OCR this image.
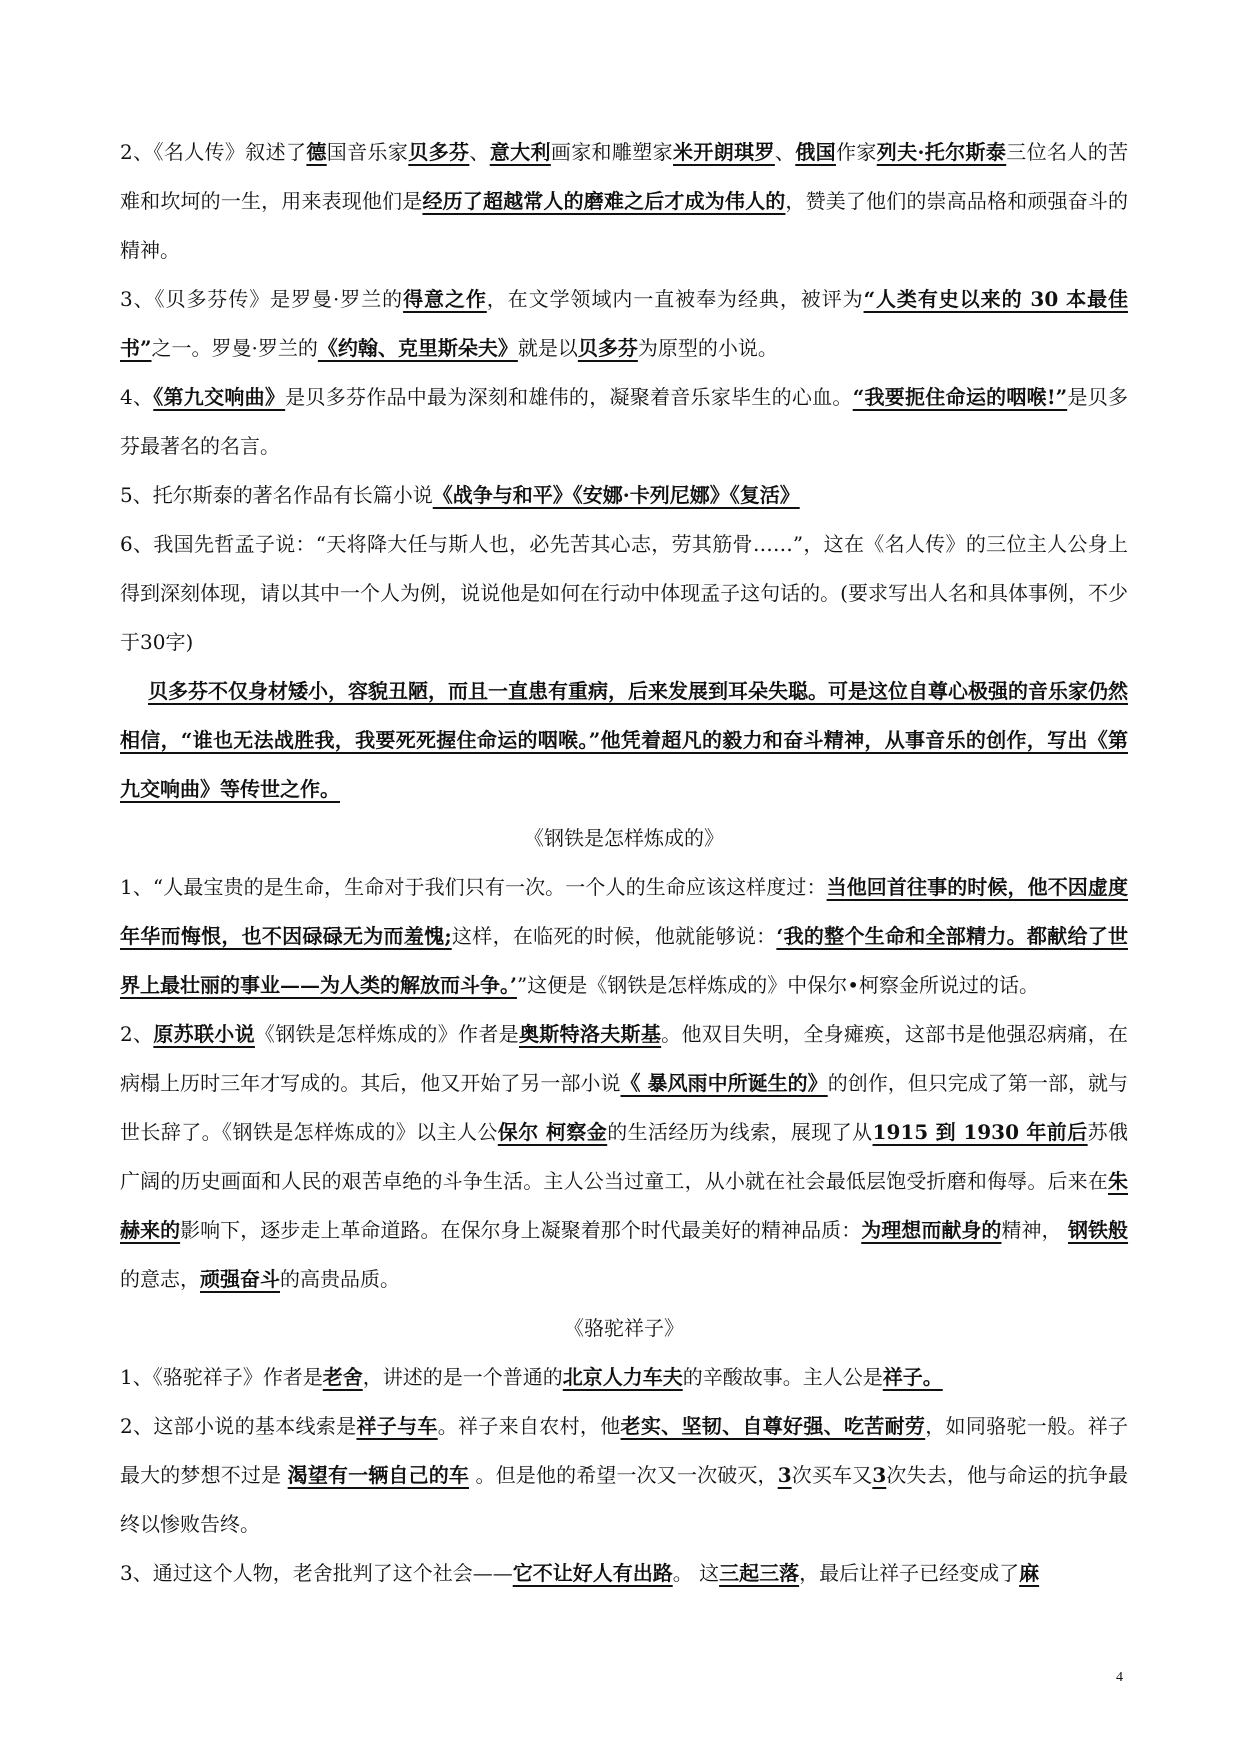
2、《名人传》叙述了德国音乐家贝多芬、意大利画家和雕塑家米开朗琪罗、俄国作家列夫·托尔斯泰三位名人的苦难和坎坷的一生，用来表现他们是经历了超越常人的磨难之后才成为伟人的，赞美了他们的崇高品格和顽强奋斗的精神。

3、《贝多芬传》是罗曼·罗兰的得意之作，在文学领域内一直被奉为经典，被评为“人类有史以来的 30 本最佳书”之一。罗曼·罗兰的《约翰、克里斯朵夫》就是以贝多芬为原型的小说。

4、《第九交响曲》是贝多芬作品中最为深刻和雄伟的，凝聚着音乐家毕生的心血。“我要扼住命运的咽喉!”是贝多芬最著名的名言。

5、托尔斯泰的著名作品有长篇小说《战争与和平》《安娜·卡列尼娜》《复活》

6、我国先哲孟子说：“天将降大任与斯人也，必先苦其心志，劳其筋骨……”，这在《名人传》的三位主人公身上得到深刻体现，请以其中一个人为例，说说他是如何在行动中体现孟子这句话的。(要求写出人名和具体事例，不少于30字)

贝多芬不仅身材矮小，容貌丑陋，而且一直患有重病，后来发展到耳朵失聪。可是这位自尊心极强的音乐家仍然相信，“谁也无法战胜我，我要死死握住命运的咽喉。”他凭着超凡的毅力和奋斗精神，从事音乐的创作，写出《第九交响曲》等传世之作。

《钢铁是怎样炼成的》

1、“人最宝贵的是生命，生命对于我们只有一次。一个人的生命应该这样度过：当他回首往事的时候，他不因虚度年华而悔恨，也不因碌碌无为而羞愧;这样，在临死的时候，他就能够说：‘我的整个生命和全部精力。都献给了世界上最壮丽的事业——为人类的解放而斗争。’”这便是《钢铁是怎样炼成的》中保尔•柯察金所说过的话。

2、原苏联小说《钢铁是怎样炼成的》作者是奥斯特洛夫斯基。他双目失明，全身瘫痪，这部书是他强忍病痛，在病榻上历时三年才写成的。其后，他又开始了另一部小说《 暴风雨中所诞生的》的创作，但只完成了第一部，就与世长辞了。《钢铁是怎样炼成的》以主人公保尔 柯察金的生活经历为线索，展现了从1915 到 1930 年前后苏俄广阔的历史画面和人民的艰苦卓绝的斗争生活。主人公当过童工，从小就在社会最低层饱受折磨和侮辱。后来在朱赫来的影响下，逐步走上革命道路。在保尔身上凝聚着那个时代最美好的精神品质：为理想而献身的精神， 钢铁般的意志，顽强奋斗的高贵品质。

《骆驼祥子》

1、《骆驼祥子》作者是老舍，讲述的是一个普通的北京人力车夫的辛酸故事。主人公是祥子。

2、这部小说的基本线索是祥子与车。祥子来自农村，他老实、坚韧、自尊好强、吃苦耐劳，如同骆驼一般。祥子最大的梦想不过是 渴望有一辆自己的车 。但是他的希望一次又一次破灭，3次买车又3次失去，他与命运的抗争最终以惨败告终。

3、通过这个人物，老舍批判了这个社会——它不让好人有出路。 这三起三落，最后让祥子已经变成了麻

4
